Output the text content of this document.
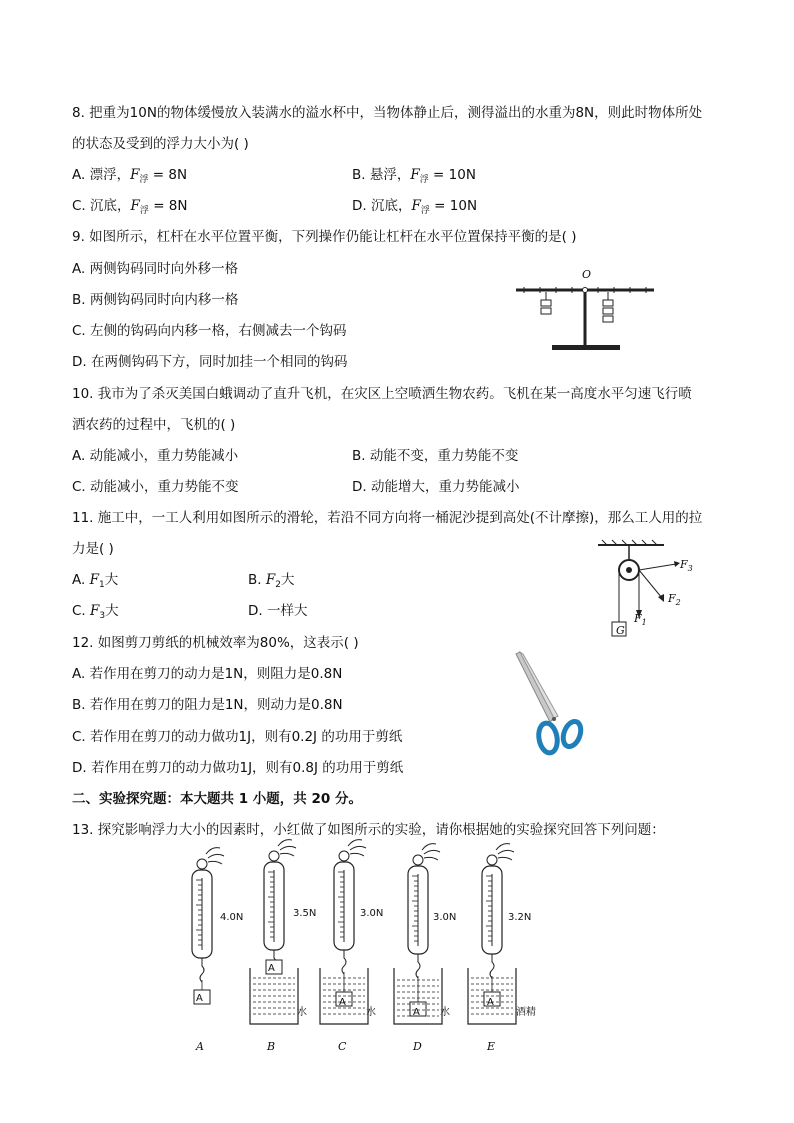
8. 把重为10N的物体缓慢放入装满水的溢水杯中，当物体静止后，测得溢出的水重为8N，则此时物体所处
的状态及受到的浮力大小为( )
A. 漂浮，$F_浮 = 8N$	B. 悬浮，$F_浮 = 10N$
C. 沉底，$F_浮 = 8N$	D. 沉底，$F_浮 = 10N$
9. 如图所示，杠杆在水平位置平衡，下列操作仍能让杠杆在水平位置保持平衡的是( )
A. 两侧钩码同时向外移一格
B. 两侧钩码同时向内移一格
C. 左侧的钩码向内移一格，右侧减去一个钩码
D. 在两侧钩码下方，同时加挂一个相同的钩码
O
10. 我市为了杀灭美国白蛾调动了直升飞机，在灾区上空喷洒生物农药。飞机在某一高度水平匀速飞行喷
洒农药的过程中，飞机的( )
A. 动能减小，重力势能减小	B. 动能不变，重力势能不变
C. 动能减小，重力势能不变	D. 动能增大，重力势能减小
11. 施工中，一工人利用如图所示的滑轮，若沿不同方向将一桶泥沙提到高处(不计摩擦)，那么工人用的拉
力是( )
A. $F_1$大	B. $F_2$大
C. $F_3$大	D. 一样大
G
$F_1$
$F_2$
$F_3$
12. 如图剪刀剪纸的机械效率为80%，这表示( )
A. 若作用在剪刀的动力是1N，则阻力是0.8N
B. 若作用在剪刀的阻力是1N，则动力是0.8N
C. 若作用在剪刀的动力做功1J，则有0.2J 的功用于剪纸
D. 若作用在剪刀的动力做功1J，则有0.8J 的功用于剪纸
二、实验探究题：本大题共 1 小题，共 20 分。
13. 探究影响浮力大小的因素时，小红做了如图所示的实验，请你根据她的实验探究回答下列问题：
4.0N	3.5N	3.0N	3.0N	3.2N
水	水	水	酒精
A
A
A
A
A
A	B	C	D	E
